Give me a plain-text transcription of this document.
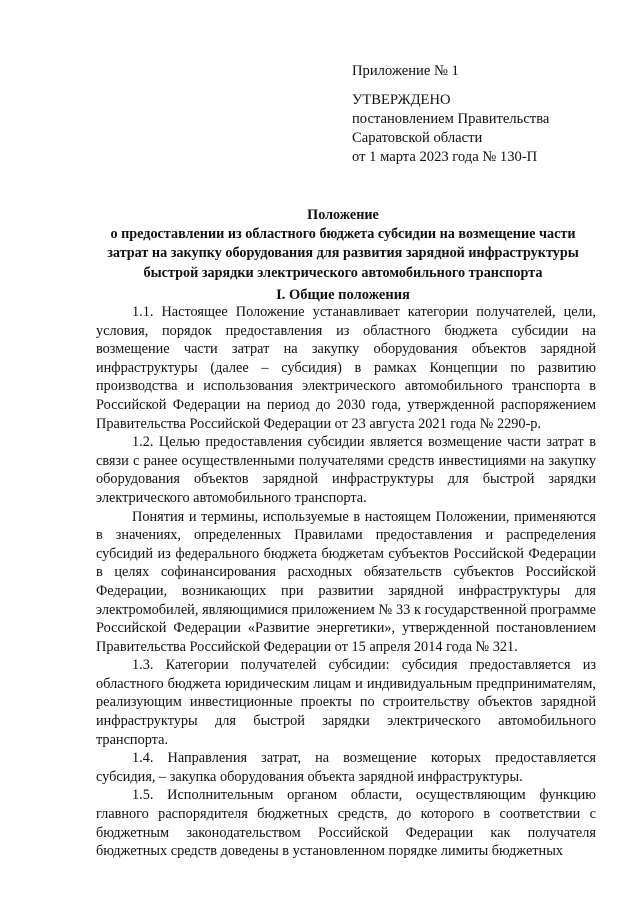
Приложение № 1
УТВЕРЖДЕНО
постановлением Правительства
Саратовской области
от 1 марта 2023 года № 130-П
Положение
о предоставлении из областного бюджета субсидии на возмещение части
затрат на закупку оборудования для развития зарядной инфраструктуры
быстрой зарядки электрического автомобильного транспорта
I. Общие положения

1.1. Настоящее Положение устанавливает категории получателей, цели, условия, порядок предоставления из областного бюджета субсидии на возмещение части затрат на закупку оборудования объектов зарядной инфраструктуры (далее – субсидия) в рамках Концепции по развитию производства и использования электрического автомобильного транспорта в Российской Федерации на период до 2030 года, утвержденной распоряжением Правительства Российской Федерации от 23 августа 2021 года № 2290-р.

1.2. Целью предоставления субсидии является возмещение части затрат в связи с ранее осуществленными получателями средств инвестициями на закупку оборудования объектов зарядной инфраструктуры для быстрой зарядки электрического автомобильного транспорта.

Понятия и термины, используемые в настоящем Положении, применяются в значениях, определенных Правилами предоставления и распределения субсидий из федерального бюджета бюджетам субъектов Российской Федерации в целях софинансирования расходных обязательств субъектов Российской Федерации, возникающих при развитии зарядной инфраструктуры для электромобилей, являющимися приложением № 33 к государственной программе Российской Федерации «Развитие энергетики», утвержденной постановлением Правительства Российской Федерации от 15 апреля 2014 года № 321.

1.3. Категории получателей субсидии: субсидия предоставляется из областного бюджета юридическим лицам и индивидуальным предпринимателям, реализующим инвестиционные проекты по строительству объектов зарядной инфраструктуры для быстрой зарядки электрического автомобильного транспорта.

1.4. Направления затрат, на возмещение которых предоставляется субсидия, – закупка оборудования объекта зарядной инфраструктуры.

1.5. Исполнительным органом области, осуществляющим функцию главного распорядителя бюджетных средств, до которого в соответствии с бюджетным законодательством Российской Федерации как получателя бюджетных средств доведены в установленном порядке лимиты бюджетных
